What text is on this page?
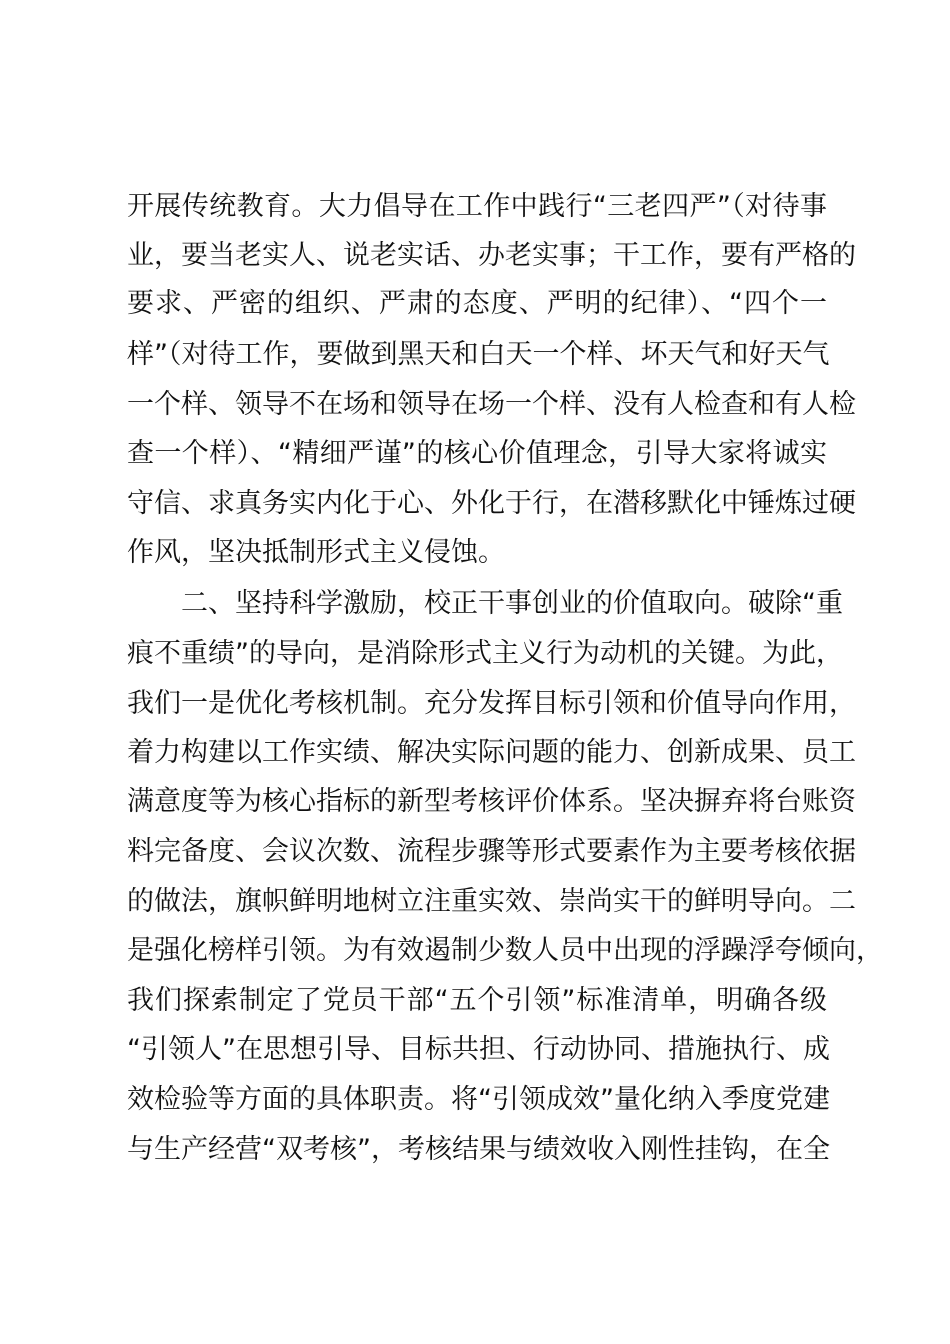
开展传统教育。大力倡导在工作中践行“三老四严”（对待事
业，要当老实人、说老实话、办老实事；干工作，要有严格的
要求、严密的组织、严肃的态度、严明的纪律）、“四个一
样”（对待工作，要做到黑天和白天一个样、坏天气和好天气
一个样、领导不在场和领导在场一个样、没有人检查和有人检
查一个样）、“精细严谨”的核心价值理念，引导大家将诚实
守信、求真务实内化于心、外化于行，在潜移默化中锤炼过硬
作风，坚决抵制形式主义侵蚀。
二、坚持科学激励，校正干事创业的价值取向。破除“重
痕不重绩”的导向，是消除形式主义行为动机的关键。为此，
我们一是优化考核机制。充分发挥目标引领和价值导向作用，
着力构建以工作实绩、解决实际问题的能力、创新成果、员工
满意度等为核心指标的新型考核评价体系。坚决摒弃将台账资
料完备度、会议次数、流程步骤等形式要素作为主要考核依据
的做法，旗帜鲜明地树立注重实效、崇尚实干的鲜明导向。二
是强化榜样引领。为有效遏制少数人员中出现的浮躁浮夸倾向，
我们探索制定了党员干部“五个引领”标准清单，明确各级
“引领人”在思想引导、目标共担、行动协同、措施执行、成
效检验等方面的具体职责。将“引领成效”量化纳入季度党建
与生产经营“双考核”，考核结果与绩效收入刚性挂钩，在全
